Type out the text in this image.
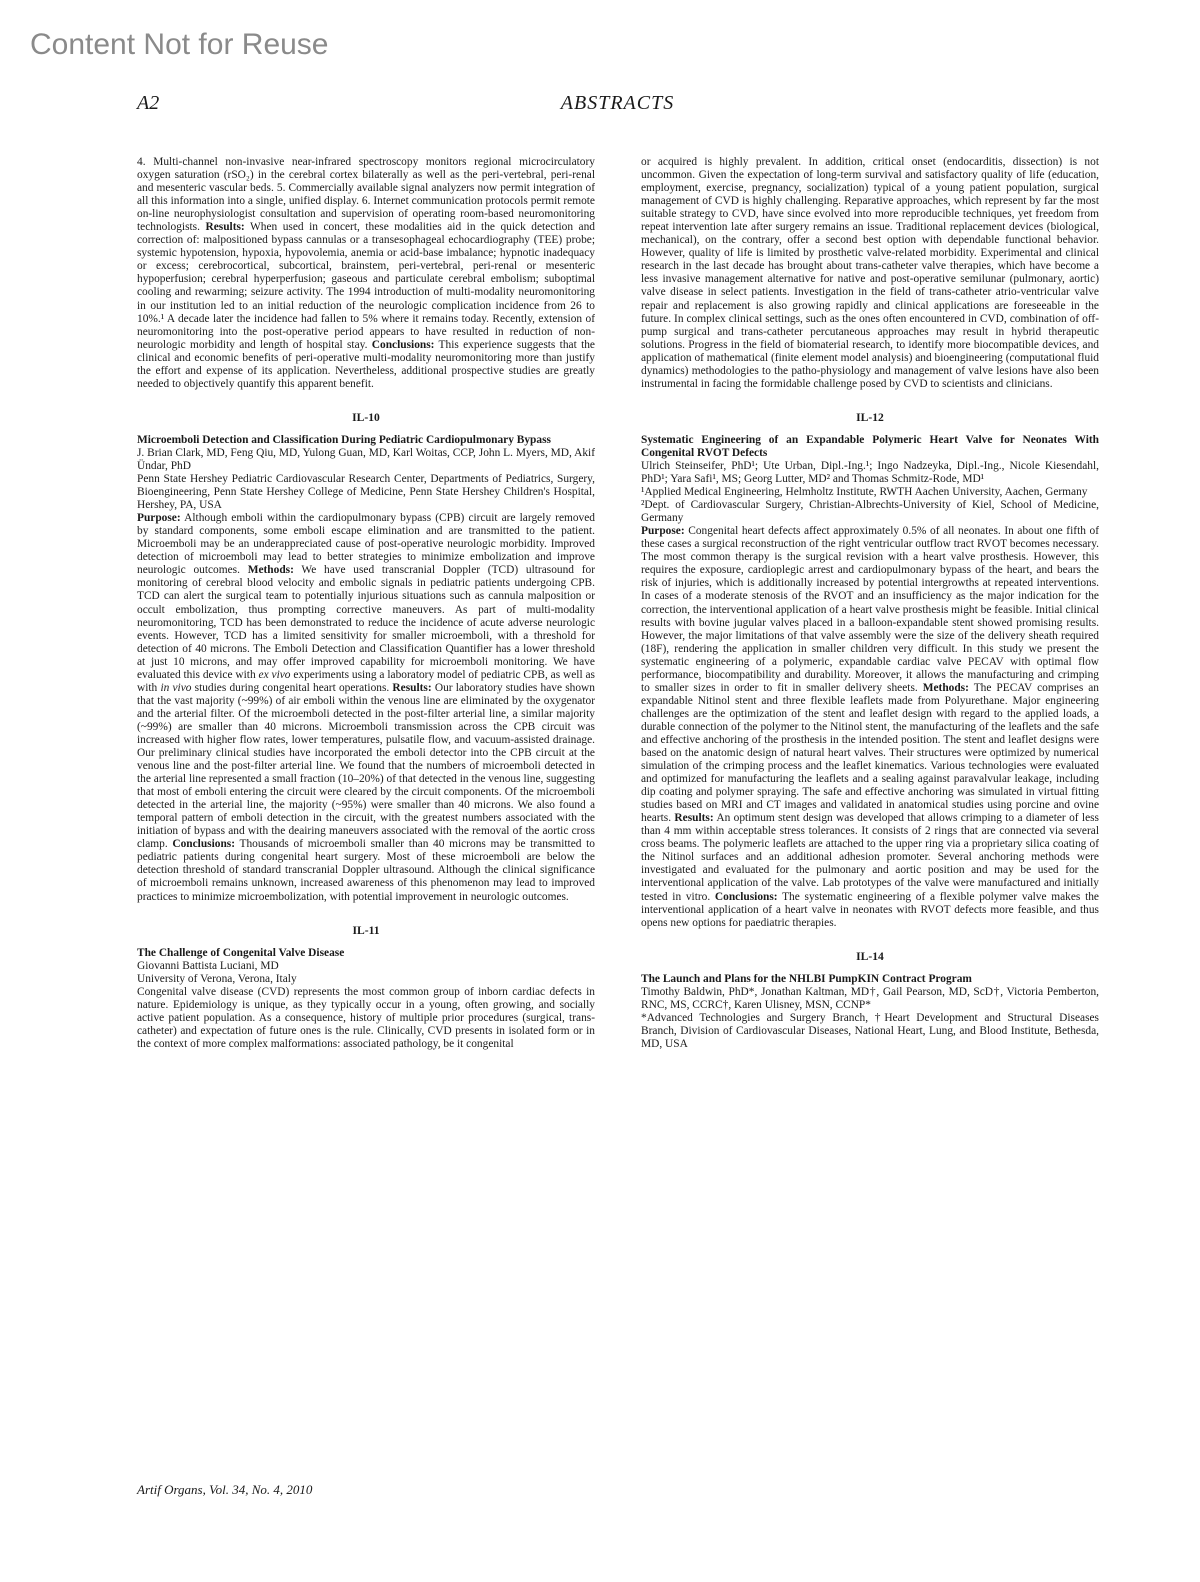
Content Not for Reuse
A2	ABSTRACTS

4. Multi-channel non-invasive near-infrared spectroscopy monitors regional microcirculatory oxygen saturation (rSO₂) in the cerebral cortex bilaterally as well as the peri-vertebral, peri-renal and mesenteric vascular beds. 5. Commercially available signal analyzers now permit integration of all this information into a single, unified display. 6. Internet communication protocols permit remote on-line neurophysiologist consultation and supervision of operating room-based neuromonitoring technologists. Results: When used in concert, these modalities aid in the quick detection and correction of: malpositioned bypass cannulas or a transesophageal echocardiography (TEE) probe; systemic hypotension, hypoxia, hypovolemia, anemia or acid-base imbalance; hypnotic inadequacy or excess; cerebrocortical, subcortical, brainstem, peri-vertebral, peri-renal or mesenteric hypoperfusion; cerebral hyperperfusion; gaseous and particulate cerebral embolism; suboptimal cooling and rewarming; seizure activity. The 1994 introduction of multi-modality neuromonitoring in our institution led to an initial reduction of the neurologic complication incidence from 26 to 10%.¹ A decade later the incidence had fallen to 5% where it remains today. Recently, extension of neuromonitoring into the post-operative period appears to have resulted in reduction of non-neurologic morbidity and length of hospital stay. Conclusions: This experience suggests that the clinical and economic benefits of peri-operative multi-modality neuromonitoring more than justify the effort and expense of its application. Nevertheless, additional prospective studies are greatly needed to objectively quantify this apparent benefit.

IL-10

Microemboli Detection and Classification During Pediatric Cardiopulmonary Bypass

J. Brian Clark, MD, Feng Qiu, MD, Yulong Guan, MD, Karl Woitas, CCP, John L. Myers, MD, Akif Ündar, PhD

Penn State Hershey Pediatric Cardiovascular Research Center, Departments of Pediatrics, Surgery, Bioengineering, Penn State Hershey College of Medicine, Penn State Hershey Children's Hospital, Hershey, PA, USA

Purpose: Although emboli within the cardiopulmonary bypass (CPB) circuit are largely removed by standard components, some emboli escape elimination and are transmitted to the patient. Microemboli may be an underappreciated cause of post-operative neurologic morbidity. Improved detection of microemboli may lead to better strategies to minimize embolization and improve neurologic outcomes. Methods: We have used transcranial Doppler (TCD) ultrasound for monitoring of cerebral blood velocity and embolic signals in pediatric patients undergoing CPB. TCD can alert the surgical team to potentially injurious situations such as cannula malposition or occult embolization, thus prompting corrective maneuvers. As part of multi-modality neuromonitoring, TCD has been demonstrated to reduce the incidence of acute adverse neurologic events. However, TCD has a limited sensitivity for smaller microemboli, with a threshold for detection of 40 microns. The Emboli Detection and Classification Quantifier has a lower threshold at just 10 microns, and may offer improved capability for microemboli monitoring. We have evaluated this device with ex vivo experiments using a laboratory model of pediatric CPB, as well as with in vivo studies during congenital heart operations. Results: Our laboratory studies have shown that the vast majority (~99%) of air emboli within the venous line are eliminated by the oxygenator and the arterial filter. Of the microemboli detected in the post-filter arterial line, a similar majority (~99%) are smaller than 40 microns. Microemboli transmission across the CPB circuit was increased with higher flow rates, lower temperatures, pulsatile flow, and vacuum-assisted drainage. Our preliminary clinical studies have incorporated the emboli detector into the CPB circuit at the venous line and the post-filter arterial line. We found that the numbers of microemboli detected in the arterial line represented a small fraction (10–20%) of that detected in the venous line, suggesting that most of emboli entering the circuit were cleared by the circuit components. Of the microemboli detected in the arterial line, the majority (~95%) were smaller than 40 microns. We also found a temporal pattern of emboli detection in the circuit, with the greatest numbers associated with the initiation of bypass and with the deairing maneuvers associated with the removal of the aortic cross clamp. Conclusions: Thousands of microemboli smaller than 40 microns may be transmitted to pediatric patients during congenital heart surgery. Most of these microemboli are below the detection threshold of standard transcranial Doppler ultrasound. Although the clinical significance of microemboli remains unknown, increased awareness of this phenomenon may lead to improved practices to minimize microembolization, with potential improvement in neurologic outcomes.

IL-11

The Challenge of Congenital Valve Disease

Giovanni Battista Luciani, MD

University of Verona, Verona, Italy

Congenital valve disease (CVD) represents the most common group of inborn cardiac defects in nature. Epidemiology is unique, as they typically occur in a young, often growing, and socially active patient population. As a consequence, history of multiple prior procedures (surgical, trans-catheter) and expectation of future ones is the rule. Clinically, CVD presents in isolated form or in the context of more complex malformations: associated pathology, be it congenital

or acquired is highly prevalent. In addition, critical onset (endocarditis, dissection) is not uncommon. Given the expectation of long-term survival and satisfactory quality of life (education, employment, exercise, pregnancy, socialization) typical of a young patient population, surgical management of CVD is highly challenging. Reparative approaches, which represent by far the most suitable strategy to CVD, have since evolved into more reproducible techniques, yet freedom from repeat intervention late after surgery remains an issue. Traditional replacement devices (biological, mechanical), on the contrary, offer a second best option with dependable functional behavior. However, quality of life is limited by prosthetic valve-related morbidity. Experimental and clinical research in the last decade has brought about trans-catheter valve therapies, which have become a less invasive management alternative for native and post-operative semilunar (pulmonary, aortic) valve disease in select patients. Investigation in the field of trans-catheter atrio-ventricular valve repair and replacement is also growing rapidly and clinical applications are foreseeable in the future. In complex clinical settings, such as the ones often encountered in CVD, combination of off-pump surgical and trans-catheter percutaneous approaches may result in hybrid therapeutic solutions. Progress in the field of biomaterial research, to identify more biocompatible devices, and application of mathematical (finite element model analysis) and bioengineering (computational fluid dynamics) methodologies to the patho-physiology and management of valve lesions have also been instrumental in facing the formidable challenge posed by CVD to scientists and clinicians.

IL-12

Systematic Engineering of an Expandable Polymeric Heart Valve for Neonates With Congenital RVOT Defects

Ulrich Steinseifer, PhD¹; Ute Urban, Dipl.-Ing.¹; Ingo Nadzeyka, Dipl.-Ing., Nicole Kiesendahl, PhD¹; Yara Safi¹, MS; Georg Lutter, MD² and Thomas Schmitz-Rode, MD¹

¹Applied Medical Engineering, Helmholtz Institute, RWTH Aachen University, Aachen, Germany

²Dept. of Cardiovascular Surgery, Christian-Albrechts-University of Kiel, School of Medicine, Germany

Purpose: Congenital heart defects affect approximately 0.5% of all neonates. In about one fifth of these cases a surgical reconstruction of the right ventricular outflow tract RVOT becomes necessary. The most common therapy is the surgical revision with a heart valve prosthesis. However, this requires the exposure, cardioplegic arrest and cardiopulmonary bypass of the heart, and bears the risk of injuries, which is additionally increased by potential intergrowths at repeated interventions. In cases of a moderate stenosis of the RVOT and an insufficiency as the major indication for the correction, the interventional application of a heart valve prosthesis might be feasible. Initial clinical results with bovine jugular valves placed in a balloon-expandable stent showed promising results. However, the major limitations of that valve assembly were the size of the delivery sheath required (18F), rendering the application in smaller children very difficult. In this study we present the systematic engineering of a polymeric, expandable cardiac valve PECAV with optimal flow performance, biocompatibility and durability. Moreover, it allows the manufacturing and crimping to smaller sizes in order to fit in smaller delivery sheets. Methods: The PECAV comprises an expandable Nitinol stent and three flexible leaflets made from Polyurethane. Major engineering challenges are the optimization of the stent and leaflet design with regard to the applied loads, a durable connection of the polymer to the Nitinol stent, the manufacturing of the leaflets and the safe and effective anchoring of the prosthesis in the intended position. The stent and leaflet designs were based on the anatomic design of natural heart valves. Their structures were optimized by numerical simulation of the crimping process and the leaflet kinematics. Various technologies were evaluated and optimized for manufacturing the leaflets and a sealing against paravalvular leakage, including dip coating and polymer spraying. The safe and effective anchoring was simulated in virtual fitting studies based on MRI and CT images and validated in anatomical studies using porcine and ovine hearts. Results: An optimum stent design was developed that allows crimping to a diameter of less than 4 mm within acceptable stress tolerances. It consists of 2 rings that are connected via several cross beams. The polymeric leaflets are attached to the upper ring via a proprietary silica coating of the Nitinol surfaces and an additional adhesion promoter. Several anchoring methods were investigated and evaluated for the pulmonary and aortic position and may be used for the interventional application of the valve. Lab prototypes of the valve were manufactured and initially tested in vitro. Conclusions: The systematic engineering of a flexible polymer valve makes the interventional application of a heart valve in neonates with RVOT defects more feasible, and thus opens new options for paediatric therapies.

IL-14

The Launch and Plans for the NHLBI PumpKIN Contract Program

Timothy Baldwin, PhD*, Jonathan Kaltman, MD†, Gail Pearson, MD, ScD†, Victoria Pemberton, RNC, MS, CCRC†, Karen Ulisney, MSN, CCNP*

*Advanced Technologies and Surgery Branch, †Heart Development and Structural Diseases Branch, Division of Cardiovascular Diseases, National Heart, Lung, and Blood Institute, Bethesda, MD, USA

Artif Organs, Vol. 34, No. 4, 2010
